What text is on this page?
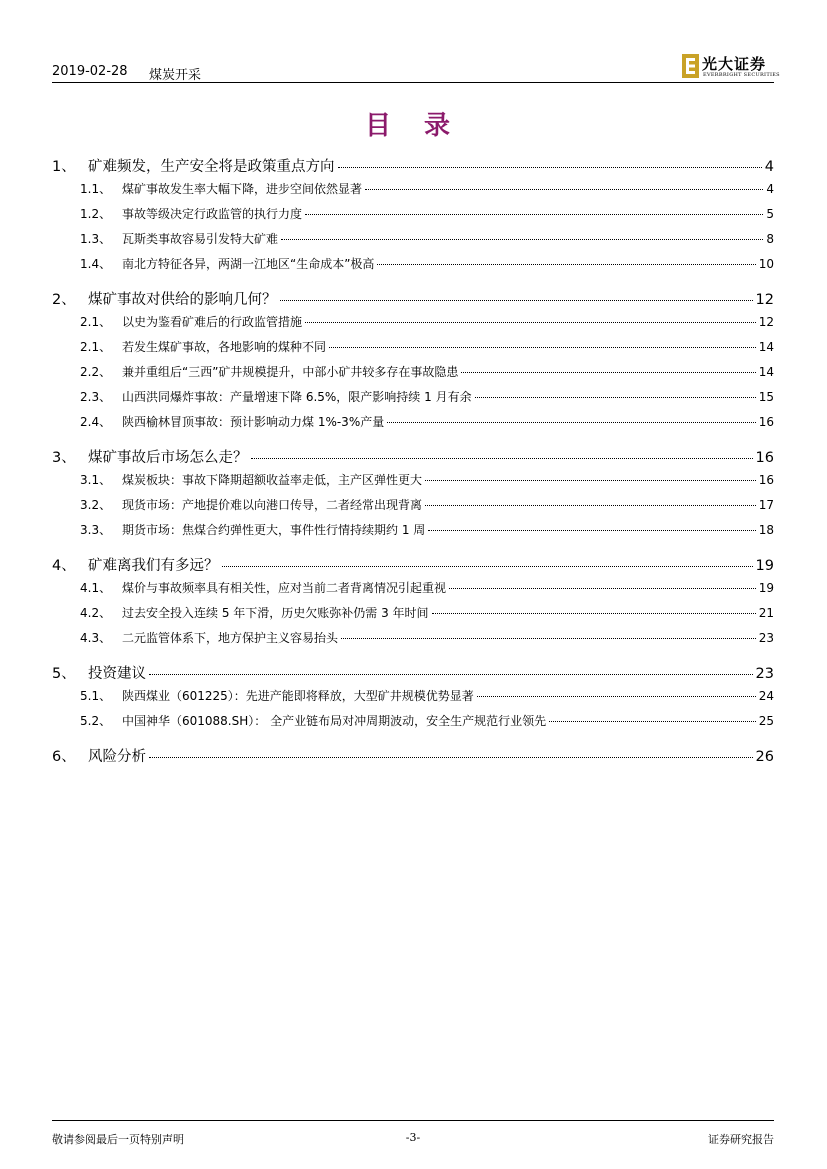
2019-02-28 煤炭开采
光大证券
EVERBRIGHT SECURITIES
目 录
1、 矿难频发，生产安全将是政策重点方向	4
1.1、 煤矿事故发生率大幅下降，进步空间依然显著	4
1.2、 事故等级决定行政监管的执行力度	5
1.3、 瓦斯类事故容易引发特大矿难	8
1.4、 南北方特征各异，两湖一江地区“生命成本”极高	10
2、 煤矿事故对供给的影响几何？	12
2.1、 以史为鉴看矿难后的行政监管措施	12
2.1、 若发生煤矿事故，各地影响的煤种不同	14
2.2、 兼并重组后“三西”矿井规模提升，中部小矿井较多存在事故隐患	14
2.3、 山西洪同爆炸事故：产量增速下降 6.5%，限产影响持续 1 月有余	15
2.4、 陕西榆林冒顶事故：预计影响动力煤 1%-3%产量	16
3、 煤矿事故后市场怎么走？	16
3.1、 煤炭板块：事故下降期超额收益率走低，主产区弹性更大	16
3.2、 现货市场：产地提价难以向港口传导，二者经常出现背离	17
3.3、 期货市场：焦煤合约弹性更大，事件性行情持续期约 1 周	18
4、 矿难离我们有多远？	19
4.1、 煤价与事故频率具有相关性，应对当前二者背离情况引起重视	19
4.2、 过去安全投入连续 5 年下滑，历史欠账弥补仍需 3 年时间	21
4.3、 二元监管体系下，地方保护主义容易抬头	23
5、 投资建议	23
5.1、 陕西煤业（601225）：先进产能即将释放，大型矿井规模优势显著	24
5.2、 中国神华（601088.SH）： 全产业链布局对冲周期波动，安全生产规范行业领先	25
6、 风险分析	26
敬请参阅最后一页特别声明	-3-	证券研究报告
